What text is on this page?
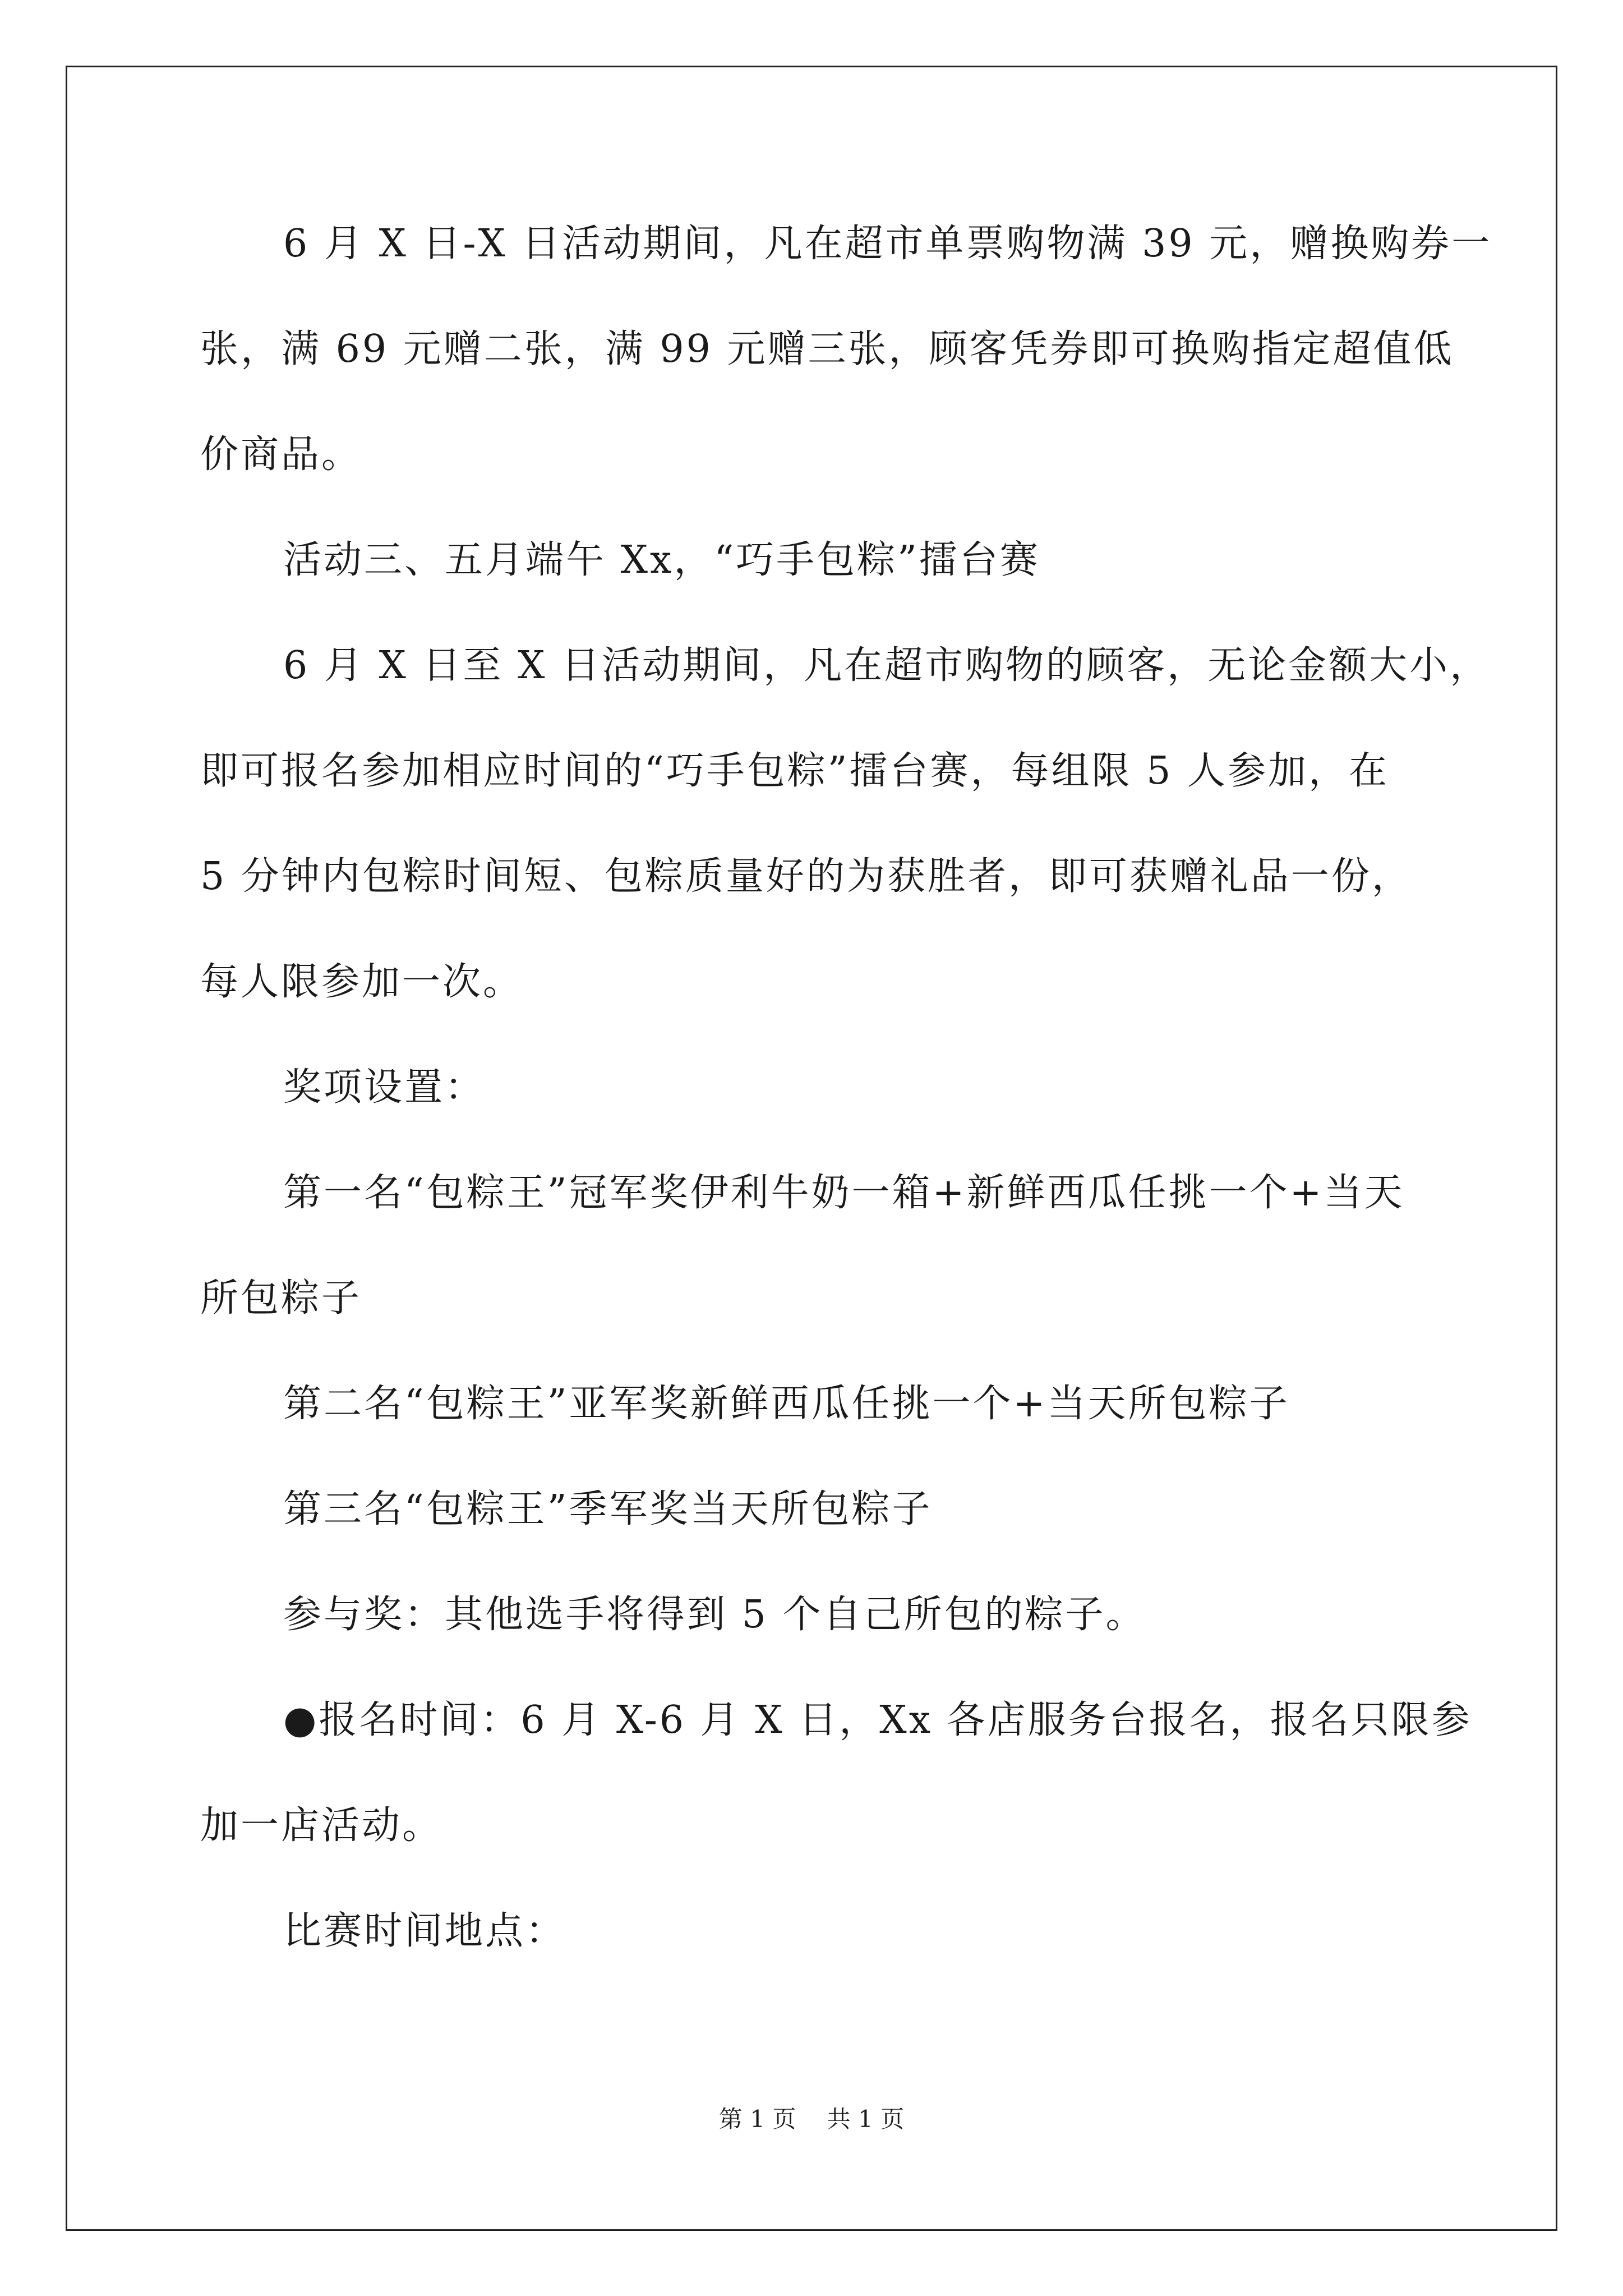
6 月 X 日-X 日活动期间，凡在超市单票购物满 39 元，赠换购券一
张，满 69 元赠二张，满 99 元赠三张，顾客凭券即可换购指定超值低
价商品。
活动三、五月端午 Xx，“巧手包粽”擂台赛
6 月 X 日至 X 日活动期间，凡在超市购物的顾客，无论金额大小，
即可报名参加相应时间的“巧手包粽”擂台赛，每组限 5 人参加，在
5 分钟内包粽时间短、包粽质量好的为获胜者，即可获赠礼品一份，
每人限参加一次。
奖项设置：
第一名“包粽王”冠军奖伊利牛奶一箱+新鲜西瓜任挑一个+当天
所包粽子
第二名“包粽王”亚军奖新鲜西瓜任挑一个+当天所包粽子
第三名“包粽王”季军奖当天所包粽子
参与奖：其他选手将得到 5 个自己所包的粽子。
●报名时间：6 月 X-6 月 X 日，Xx 各店服务台报名，报名只限参
加一店活动。
比赛时间地点：
第 1 页　 共 1 页
